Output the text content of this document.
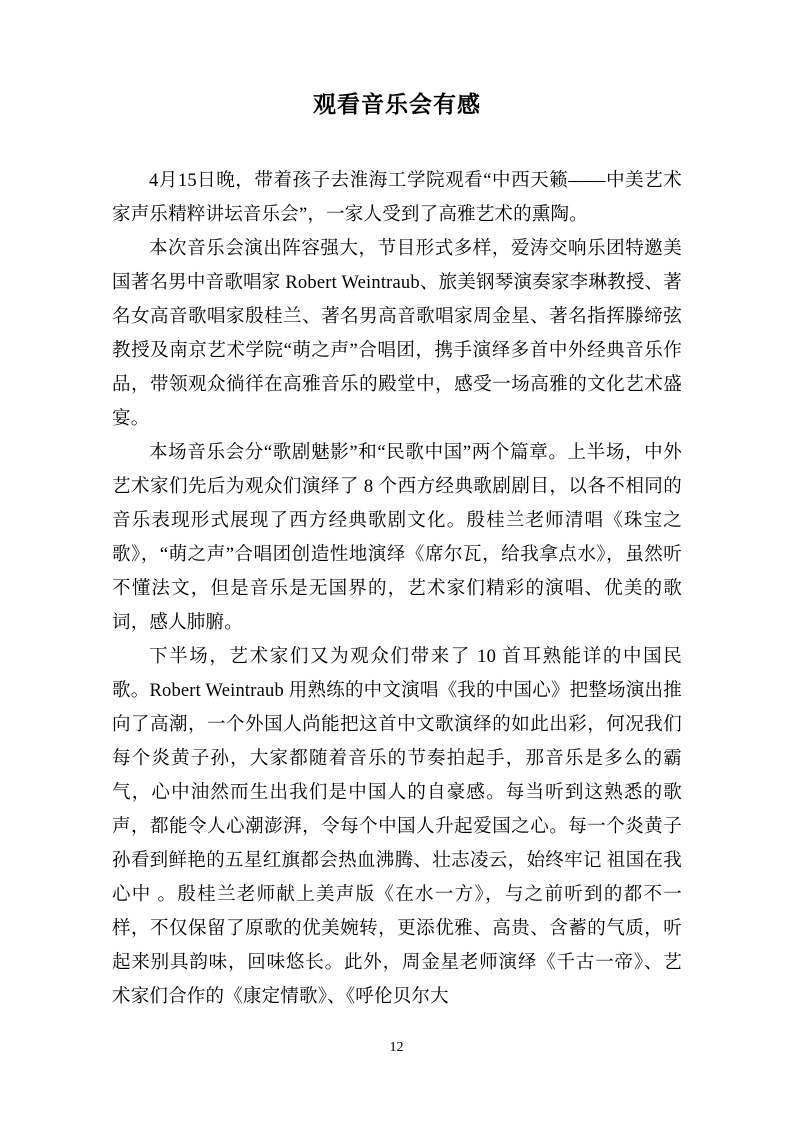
观看音乐会有感

4月15日晚，带着孩子去淮海工学院观看“中西天籁——中美艺术家声乐精粹讲坛音乐会”，一家人受到了高雅艺术的熏陶。

本次音乐会演出阵容强大，节目形式多样，爱涛交响乐团特邀美国著名男中音歌唱家 Robert Weintraub、旅美钢琴演奏家李琳教授、著名女高音歌唱家殷桂兰、著名男高音歌唱家周金星、著名指挥滕缔弦教授及南京艺术学院“萌之声”合唱团，携手演绎多首中外经典音乐作品，带领观众徜徉在高雅音乐的殿堂中，感受一场高雅的文化艺术盛宴。

本场音乐会分“歌剧魅影”和“民歌中国”两个篇章。上半场，中外艺术家们先后为观众们演绎了 8 个西方经典歌剧剧目，以各不相同的音乐表现形式展现了西方经典歌剧文化。殷桂兰老师清唱《珠宝之歌》，“萌之声”合唱团创造性地演绎《席尔瓦，给我拿点水》，虽然听不懂法文，但是音乐是无国界的，艺术家们精彩的演唱、优美的歌词，感人肺腑。

下半场，艺术家们又为观众们带来了 10 首耳熟能详的中国民歌。Robert Weintraub 用熟练的中文演唱《我的中国心》把整场演出推向了高潮，一个外国人尚能把这首中文歌演绎的如此出彩，何况我们每个炎黄子孙，大家都随着音乐的节奏拍起手，那音乐是多么的霸气，心中油然而生出我们是中国人的自豪感。每当听到这熟悉的歌声，都能令人心潮澎湃，令每个中国人升起爱国之心。每一个炎黄子孙看到鲜艳的五星红旗都会热血沸腾、壮志凌云，始终牢记 祖国在我心中 。殷桂兰老师献上美声版《在水一方》，与之前听到的都不一样，不仅保留了原歌的优美婉转，更添优雅、高贵、含蓄的气质，听起来别具韵味，回味悠长。此外，周金星老师演绎《千古一帝》、艺术家们合作的《康定情歌》、《呼伦贝尔大

12
